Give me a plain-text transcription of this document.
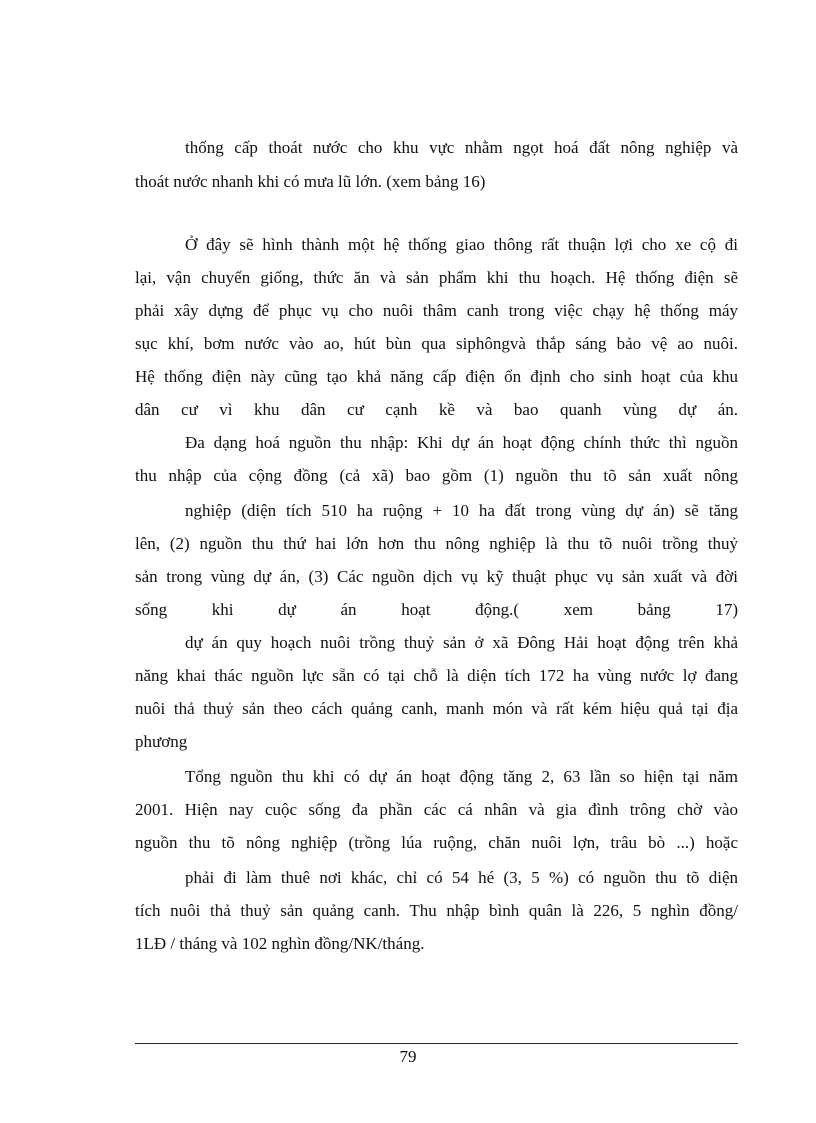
thống cấp thoát nước cho khu vực nhằm ngọt hoá đất nông nghiệp và

thoát nước nhanh khi có mưa lũ lớn. (xem bảng 16)

Ở đây sẽ hình thành một hệ thống giao thông rất thuận lợi cho xe cộ đi

lại, vận chuyển giống, thức ăn và sản phẩm khi thu hoạch. Hệ thống điện sẽ

phải xây dựng để phục vụ cho nuôi thâm canh trong việc chạy hệ thống máy

sục khí, bơm nước vào ao, hút bùn qua siphôngvà thắp sáng bảo vệ ao nuôi.

Hệ thống điện này cũng tạo khả năng cấp điện ổn định cho sinh hoạt của khu

dân cư vì khu dân cư cạnh kề và bao quanh vùng dự án.

Đa dạng hoá nguồn thu nhập: Khi dự án hoạt động chính thức thì nguồn

thu nhập của cộng đồng (cả xã) bao gồm (1) nguồn thu tõ sản xuất nông

nghiệp (diện tích 510 ha ruộng + 10 ha đất trong vùng dự án) sẽ tăng

lên, (2) nguồn thu thứ hai lớn hơn thu nông nghiệp là thu tõ nuôi trồng thuỷ

sản trong vùng dự án, (3) Các nguồn dịch vụ kỹ thuật phục vụ sản xuất và đời

sống khi dự án hoạt động.( xem bảng 17)

dự án quy hoạch nuôi trồng thuỷ sản ở xã Đông Hải hoạt động trên khả

năng khai thác nguồn lực sẵn có tại chỗ là diện tích 172 ha vùng nước lợ đang

nuôi thả thuỷ sản theo cách quảng canh, manh món và rất kém hiệu quả tại địa

phương

Tổng nguồn thu khi có dự án hoạt động tăng 2, 63 lần so hiện tại năm

2001. Hiện nay cuộc sống đa phần các cá nhân và gia đình trông chờ vào

nguồn thu tõ nông nghiệp (trồng lúa ruộng, chăn nuôi lợn, trâu bò ...) hoặc

phải đi làm thuê nơi khác, chỉ có 54 hé (3, 5 %) có nguồn thu tõ diện

tích nuôi thả thuỷ sản quảng canh. Thu nhập bình quân là 226, 5 nghìn đồng/

1LĐ / tháng và 102 nghìn đồng/NK/tháng.

79
